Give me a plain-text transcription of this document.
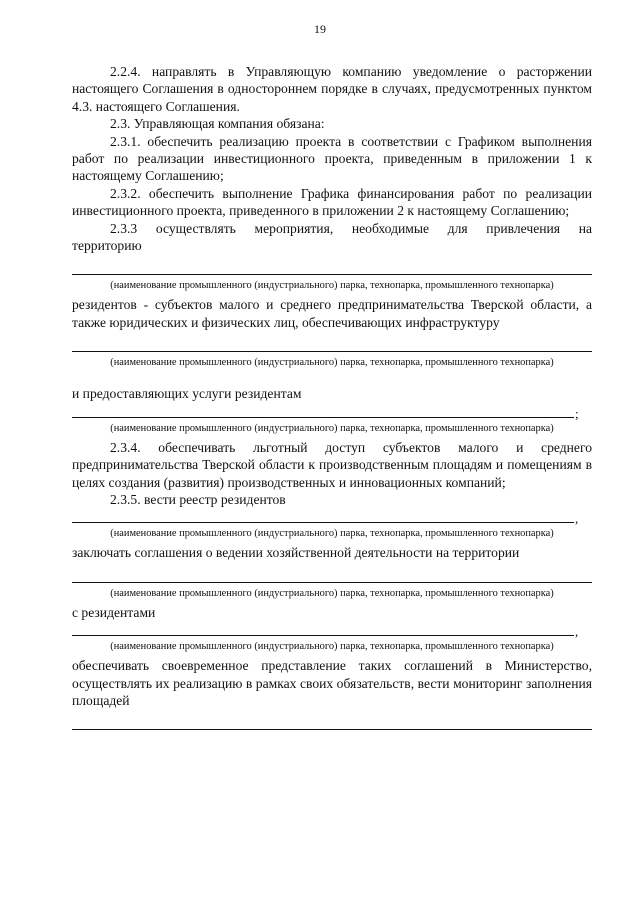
19

2.2.4. направлять в Управляющую компанию уведомление о расторжении настоящего Соглашения в одностороннем порядке в случаях, предусмотренных пунктом 4.3. настоящего Соглашения.

2.3. Управляющая компания обязана:

2.3.1. обеспечить реализацию проекта в соответствии с Графиком выполнения работ по реализации инвестиционного проекта, приведенным в приложении 1 к настоящему Соглашению;

2.3.2. обеспечить выполнение Графика финансирования работ по реализации инвестиционного проекта, приведенного в приложении 2 к настоящему Соглашению;

2.3.3 осуществлять мероприятия, необходимые для привлечения на

территорию

(наименование промышленного (индустриального) парка, технопарка, промышленного технопарка)

резидентов - субъектов малого и среднего предпринимательства Тверской области, а также юридических и физических лиц, обеспечивающих инфраструктуру

(наименование промышленного (индустриального) парка, технопарка, промышленного технопарка)

и предоставляющих услуги резидентам

;
(наименование промышленного (индустриального) парка, технопарка, промышленного технопарка)

2.3.4. обеспечивать льготный доступ субъектов малого и среднего предпринимательства Тверской области к производственным площадям и помещениям в целях создания (развития) производственных и инновационных компаний;

2.3.5. вести реестр резидентов

,
(наименование промышленного (индустриального) парка, технопарка, промышленного технопарка)

заключать соглашения о ведении хозяйственной деятельности на территории

(наименование промышленного (индустриального) парка, технопарка, промышленного технопарка)

с резидентами

,
(наименование промышленного (индустриального) парка, технопарка, промышленного технопарка)

обеспечивать своевременное представление таких соглашений в Министерство, осуществлять их реализацию в рамках своих обязательств, вести мониторинг заполнения площадей
